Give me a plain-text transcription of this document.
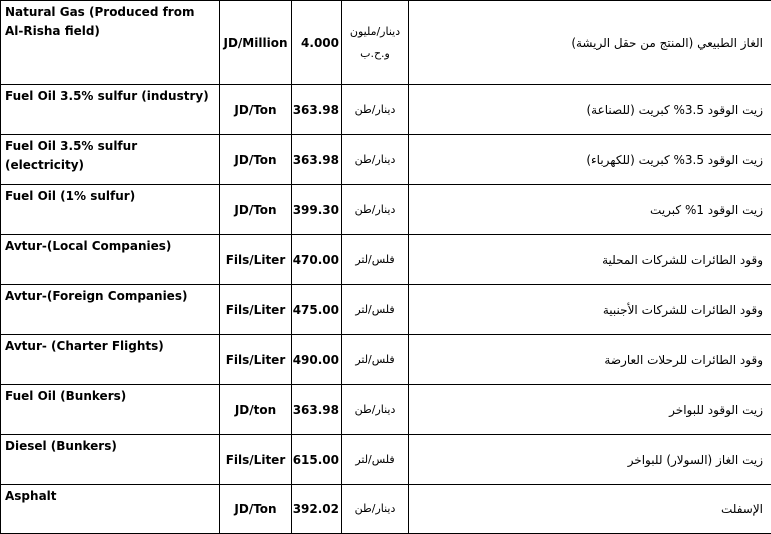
Natural Gas (Produced from Al-Risha field)	JD/Million	4.000	دينار/مليون و.ح.ب	الغاز الطبيعي (المنتج من حقل الريشة)
Fuel Oil 3.5% sulfur (industry)	JD/Ton	363.98	دينار/طن	زيت الوقود 3.5% كبريت (للصناعة)
Fuel Oil 3.5% sulfur (electricity)	JD/Ton	363.98	دينار/طن	زيت الوقود 3.5% كبريت (للكهرباء)
Fuel Oil (1% sulfur)	JD/Ton	399.30	دينار/طن	زيت الوقود 1% كبريت
Avtur-(Local Companies)	Fils/Liter	470.00	فلس/لتر	وقود الطائرات للشركات المحلية
Avtur-(Foreign Companies)	Fils/Liter	475.00	فلس/لتر	وقود الطائرات للشركات الأجنبية
Avtur- (Charter Flights)	Fils/Liter	490.00	فلس/لتر	وقود الطائرات للرحلات العارضة
Fuel Oil (Bunkers)	JD/ton	363.98	دينار/طن	زيت الوقود للبواخر
Diesel (Bunkers)	Fils/Liter	615.00	فلس/لتر	زيت الغاز (السولار) للبواخر
Asphalt	JD/Ton	392.02	دينار/طن	الإسفلت
